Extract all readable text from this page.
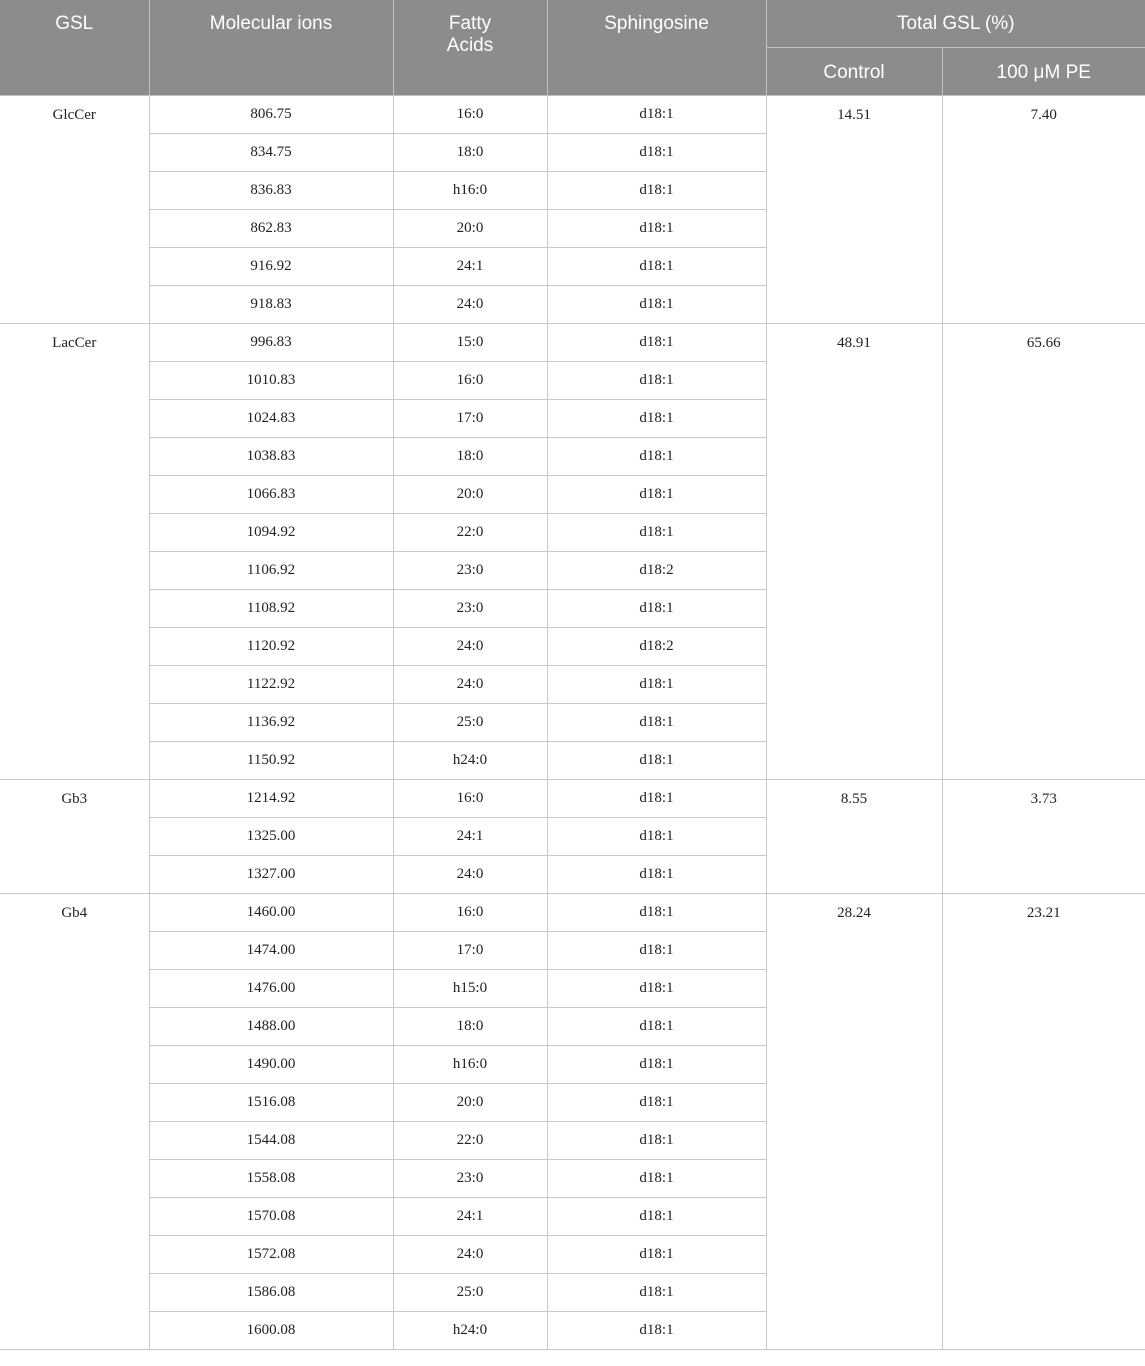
GSL	Molecular ions	Fatty Acids	Sphingosine	Total GSL (%)	
				Control	100 μM PE
GlcCer	806.75	16:0	d18:1	14.51	7.40
	834.75	18:0	d18:1		
	836.83	h16:0	d18:1		
	862.83	20:0	d18:1		
	916.92	24:1	d18:1		
	918.83	24:0	d18:1		
LacCer	996.83	15:0	d18:1	48.91	65.66
	1010.83	16:0	d18:1		
	1024.83	17:0	d18:1		
	1038.83	18:0	d18:1		
	1066.83	20:0	d18:1		
	1094.92	22:0	d18:1		
	1106.92	23:0	d18:2		
	1108.92	23:0	d18:1		
	1120.92	24:0	d18:2		
	1122.92	24:0	d18:1		
	1136.92	25:0	d18:1		
	1150.92	h24:0	d18:1		
Gb3	1214.92	16:0	d18:1	8.55	3.73
	1325.00	24:1	d18:1		
	1327.00	24:0	d18:1		
Gb4	1460.00	16:0	d18:1	28.24	23.21
	1474.00	17:0	d18:1		
	1476.00	h15:0	d18:1		
	1488.00	18:0	d18:1		
	1490.00	h16:0	d18:1		
	1516.08	20:0	d18:1		
	1544.08	22:0	d18:1		
	1558.08	23:0	d18:1		
	1570.08	24:1	d18:1		
	1572.08	24:0	d18:1		
	1586.08	25:0	d18:1		
	1600.08	h24:0	d18:1		
